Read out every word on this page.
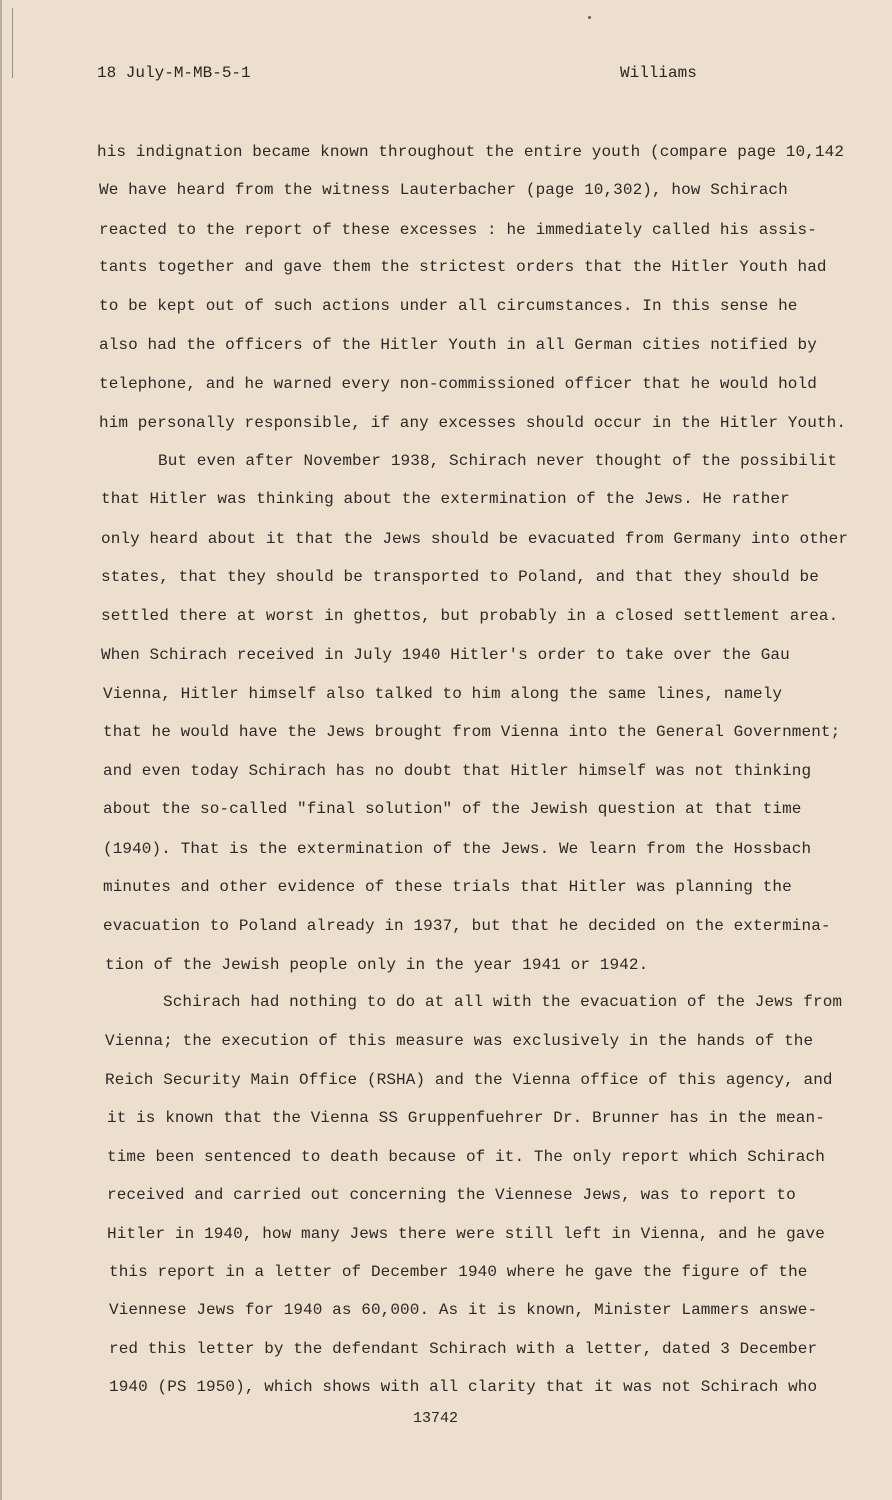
18 July-M-MB-5-1	Williams
his indignation became known throughout the entire youth (compare page 10,142
We have heard from the witness Lauterbacher (page 10,302), how Schirach
reacted to the report of these excesses : he immediately called his assis-
tants together and gave them the strictest orders that the Hitler Youth had
to be kept out of such actions under all circumstances. In this sense he
also had the officers of the Hitler Youth in all German cities notified by
telephone, and he warned every non-commissioned officer that he would hold
him personally responsible, if any excesses should occur in the Hitler Youth.
But even after November 1938, Schirach never thought of the possibilit
that Hitler was thinking about the extermination of the Jews. He rather
only heard about it that the Jews should be evacuated from Germany into other
states, that they should be transported to Poland, and that they should be
settled there at worst in ghettos, but probably in a closed settlement area.
When Schirach received in July 1940 Hitler's order to take over the Gau
Vienna, Hitler himself also talked to him along the same lines, namely
that he would have the Jews brought from Vienna into the General Government;
and even today Schirach has no doubt that Hitler himself was not thinking
about the so-called "final solution" of the Jewish question at that time
(1940). That is the extermination of the Jews. We learn from the Hossbach
minutes and other evidence of these trials that Hitler was planning the
evacuation to Poland already in 1937, but that he decided on the extermina-
tion of the Jewish people only in the year 1941 or 1942.
Schirach had nothing to do at all with the evacuation of the Jews from
Vienna; the execution of this measure was exclusively in the hands of the
Reich Security Main Office (RSHA) and the Vienna office of this agency, and
it is known that the Vienna SS Gruppenfuehrer Dr. Brunner has in the mean-
time been sentenced to death because of it. The only report which Schirach
received and carried out concerning the Viennese Jews, was to report to
Hitler in 1940, how many Jews there were still left in Vienna, and he gave
this report in a letter of December 1940 where he gave the figure of the
Viennese Jews for 1940 as 60,000. As it is known, Minister Lammers answe-
red this letter by the defendant Schirach with a letter, dated 3 December
1940 (PS 1950), which shows with all clarity that it was not Schirach who
13742
